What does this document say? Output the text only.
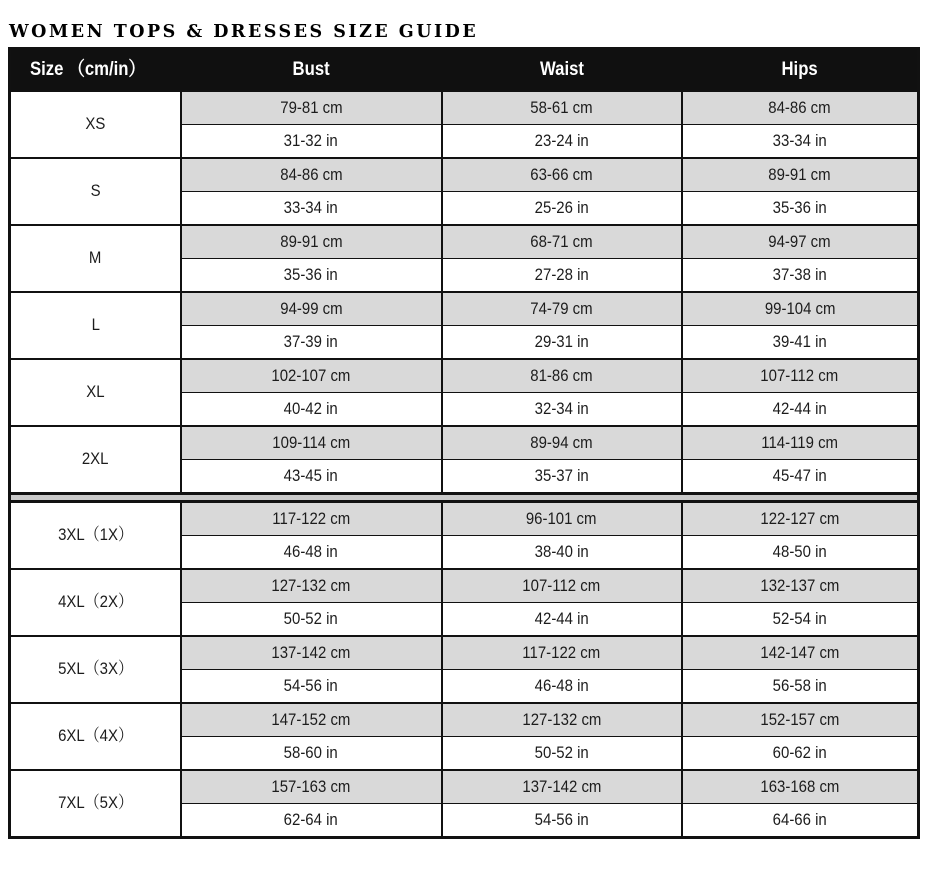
WOMEN TOPS & DRESSES SIZE GUIDE
Size （cm/in）	Bust	Waist	Hips
XS	79-81 cm	58-61 cm	84-86 cm
	31-32 in	23-24 in	33-34 in
S	84-86 cm	63-66 cm	89-91 cm
	33-34 in	25-26 in	35-36 in
M	89-91 cm	68-71 cm	94-97 cm
	35-36 in	27-28 in	37-38 in
L	94-99 cm	74-79 cm	99-104 cm
	37-39 in	29-31 in	39-41 in
XL	102-107 cm	81-86 cm	107-112 cm
	40-42 in	32-34 in	42-44 in
2XL	109-114 cm	89-94 cm	114-119 cm
	43-45 in	35-37 in	45-47 in

3XL（1X）	117-122 cm	96-101 cm	122-127 cm
	46-48 in	38-40 in	48-50 in
4XL（2X）	127-132 cm	107-112 cm	132-137 cm
	50-52 in	42-44 in	52-54 in
5XL（3X）	137-142 cm	117-122 cm	142-147 cm
	54-56 in	46-48 in	56-58 in
6XL（4X）	147-152 cm	127-132 cm	152-157 cm
	58-60 in	50-52 in	60-62 in
7XL（5X）	157-163 cm	137-142 cm	163-168 cm
	62-64 in	54-56 in	64-66 in
